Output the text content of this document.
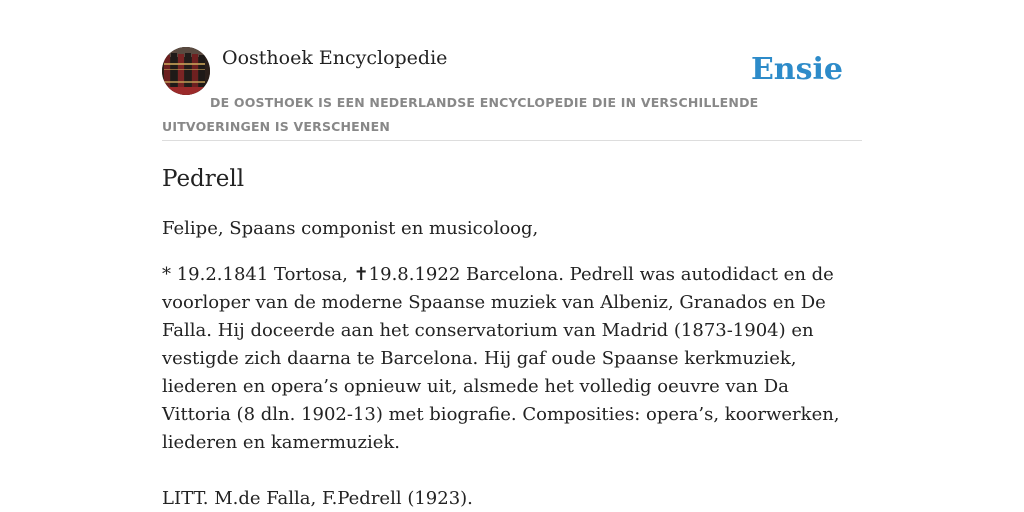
Oosthoek Encyclopedie	Ensie

DE OOSTHOEK IS EEN NEDERLANDSE ENCYCLOPEDIE DIE IN VERSCHILLENDE UITVOERINGEN IS VERSCHENEN

Pedrell

Felipe, Spaans componist en musicoloog,

* 19.2.1841 Tortosa, ✝19.8.1922 Barcelona. Pedrell was autodidact en de voorloper van de moderne Spaanse muziek van Albeniz, Granados en De Falla. Hij doceerde aan het conservatorium van Madrid (1873-1904) en vestigde zich daarna te Barcelona. Hij gaf oude Spaanse kerkmuziek, liederen en opera’s opnieuw uit, alsmede het volledig oeuvre van Da Vittoria (8 dln. 1902-13) met biografie. Composities: opera’s, koorwerken, liederen en kamermuziek.

LITT. M.de Falla, F.Pedrell (1923).
